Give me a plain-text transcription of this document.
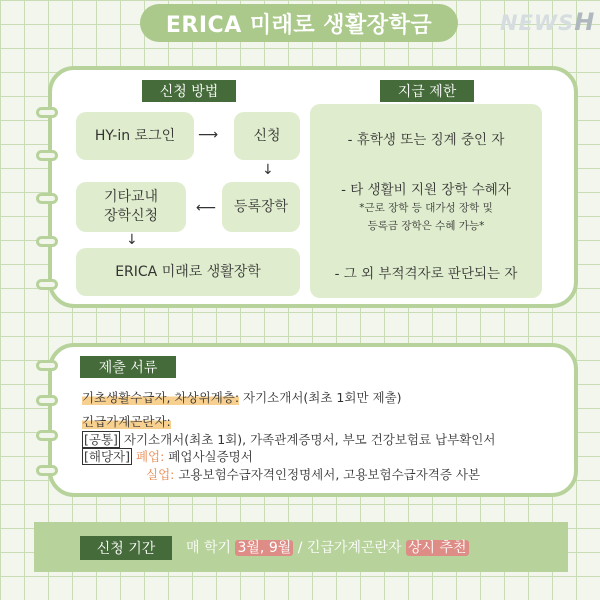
ERICA 미래로 생활장학금	NEWSH
신청 방법	지급 제한
HY-in 로그인	⟶	신청
↓
등록장학
⟵
기타교내
장학신청
↓
ERICA 미래로 생활장학
- 휴학생 또는 징계 중인 자
- 타 생활비 지원 장학 수혜자
*근로 장학 등 대가성 장학 및
등록금 장학은 수혜 가능*
- 그 외 부적격자로 판단되는 자
제출 서류
기초생활수급자, 차상위계층: 자기소개서(최초 1회만 제출)
긴급가계곤란자:
[공통] 자기소개서(최초 1회), 가족관계증명서, 부모 건강보험료 납부확인서
[해당자] 폐업: 폐업사실증명서
실업: 고용보험수급자격인정명세서, 고용보험수급자격증 사본
신청 기간	매 학기 3월, 9월 / 긴급가계곤란자 상시 추천
